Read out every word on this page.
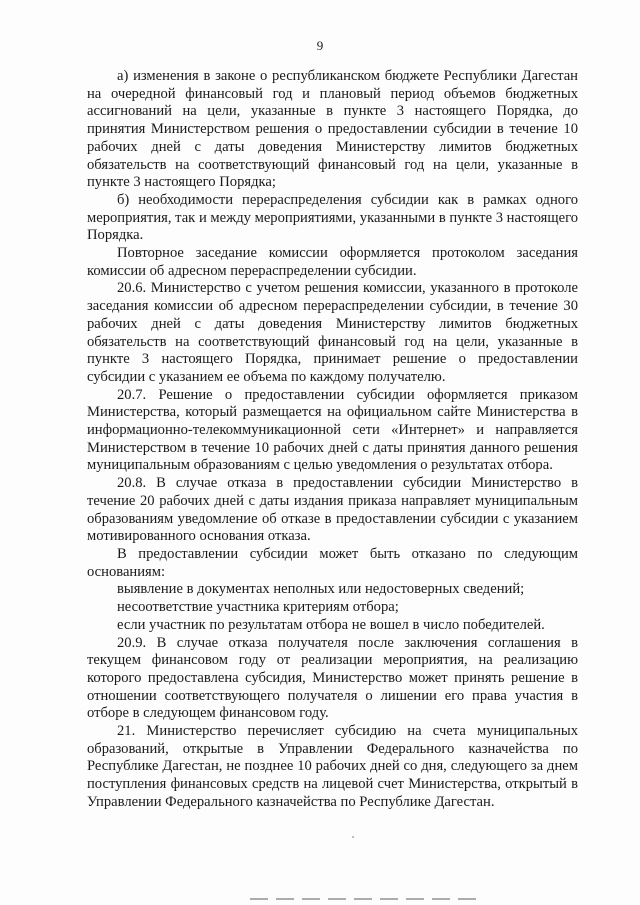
9

а) изменения в законе о республиканском бюджете Республики Дагестан на очередной финансовый год и плановый период объемов бюджетных ассигнований на цели, указанные в пункте 3 настоящего Порядка, до принятия Министерством решения о предоставлении субсидии в течение 10 рабочих дней с даты доведения Министерству лимитов бюджетных обязательств на соответствующий финансовый год на цели, указанные в пункте 3 настоящего Порядка;

б) необходимости перераспределения субсидии как в рамках одного мероприятия, так и между мероприятиями, указанными в пункте 3 настоящего Порядка.

Повторное заседание комиссии оформляется протоколом заседания комиссии об адресном перераспределении субсидии.

20.6. Министерство с учетом решения комиссии, указанного в протоколе заседания комиссии об адресном перераспределении субсидии, в течение 30 рабочих дней с даты доведения Министерству лимитов бюджетных обязательств на соответствующий финансовый год на цели, указанные в пункте 3 настоящего Порядка, принимает решение о предоставлении субсидии с указанием ее объема по каждому получателю.

20.7. Решение о предоставлении субсидии оформляется приказом Министерства, который размещается на официальном сайте Министерства в информационно-телекоммуникационной сети «Интернет» и направляется Министерством в течение 10 рабочих дней с даты принятия данного решения муниципальным образованиям с целью уведомления о результатах отбора.

20.8. В случае отказа в предоставлении субсидии Министерство в течение 20 рабочих дней с даты издания приказа направляет муниципальным образованиям уведомление об отказе в предоставлении субсидии с указанием мотивированного основания отказа.

В предоставлении субсидии может быть отказано по следующим основаниям:

выявление в документах неполных или недостоверных сведений;

несоответствие участника критериям отбора;

если участник по результатам отбора не вошел в число победителей.

20.9. В случае отказа получателя после заключения соглашения в текущем финансовом году от реализации мероприятия, на реализацию которого предоставлена субсидия, Министерство может принять решение в отношении соответствующего получателя о лишении его права участия в отборе в следующем финансовом году.

21. Министерство перечисляет субсидию на счета муниципальных образований, открытые в Управлении Федерального казначейства по Республике Дагестан, не позднее 10 рабочих дней со дня, следующего за днем поступления финансовых средств на лицевой счет Министерства, открытый в Управлении Федерального казначейства по Республике Дагестан.
